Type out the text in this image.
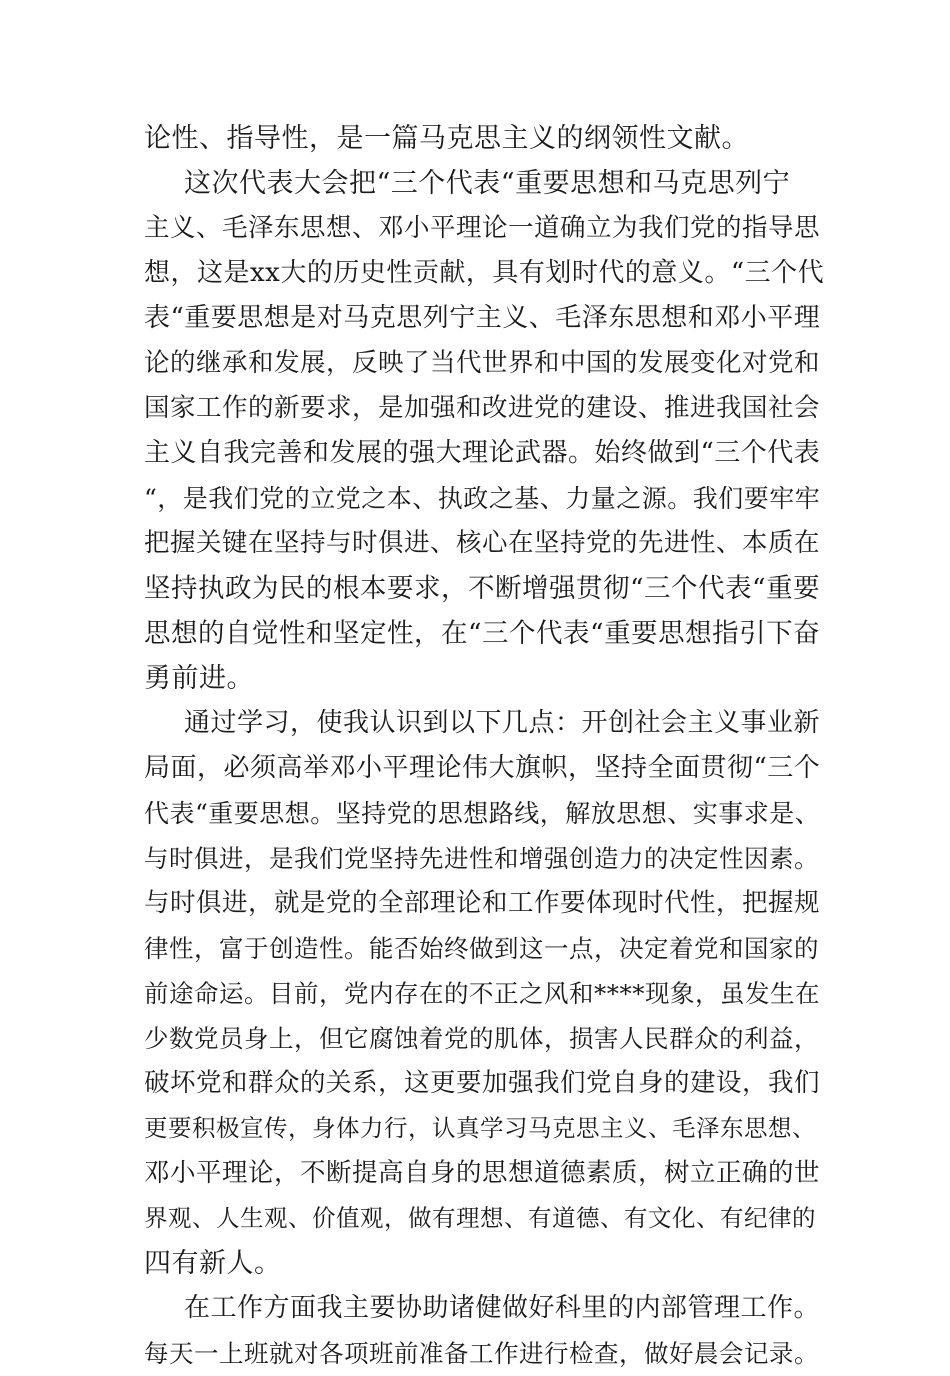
论性、指导性，是一篇马克思主义的纲领性文献。
这次代表大会把“三个代表“重要思想和马克思列宁
主义、毛泽东思想、邓小平理论一道确立为我们党的指导思
想，这是xx大的历史性贡献，具有划时代的意义。“三个代
表“重要思想是对马克思列宁主义、毛泽东思想和邓小平理
论的继承和发展，反映了当代世界和中国的发展变化对党和
国家工作的新要求，是加强和改进党的建设、推进我国社会
主义自我完善和发展的强大理论武器。始终做到“三个代表
“，是我们党的立党之本、执政之基、力量之源。我们要牢牢
把握关键在坚持与时俱进、核心在坚持党的先进性、本质在
坚持执政为民的根本要求，不断增强贯彻“三个代表“重要
思想的自觉性和坚定性，在“三个代表“重要思想指引下奋
勇前进。
通过学习，使我认识到以下几点：开创社会主义事业新
局面，必须高举邓小平理论伟大旗帜，坚持全面贯彻“三个
代表“重要思想。坚持党的思想路线，解放思想、实事求是、
与时俱进，是我们党坚持先进性和增强创造力的决定性因素。
与时俱进，就是党的全部理论和工作要体现时代性，把握规
律性，富于创造性。能否始终做到这一点，决定着党和国家的
前途命运。目前，党内存在的不正之风和****现象，虽发生在
少数党员身上，但它腐蚀着党的肌体，损害人民群众的利益，
破坏党和群众的关系，这更要加强我们党自身的建设，我们
更要积极宣传，身体力行，认真学习马克思主义、毛泽东思想、
邓小平理论，不断提高自身的思想道德素质，树立正确的世
界观、人生观、价值观，做有理想、有道德、有文化、有纪律的
四有新人。
在工作方面我主要协助诸健做好科里的内部管理工作。
每天一上班就对各项班前准备工作进行检查，做好晨会记录。
